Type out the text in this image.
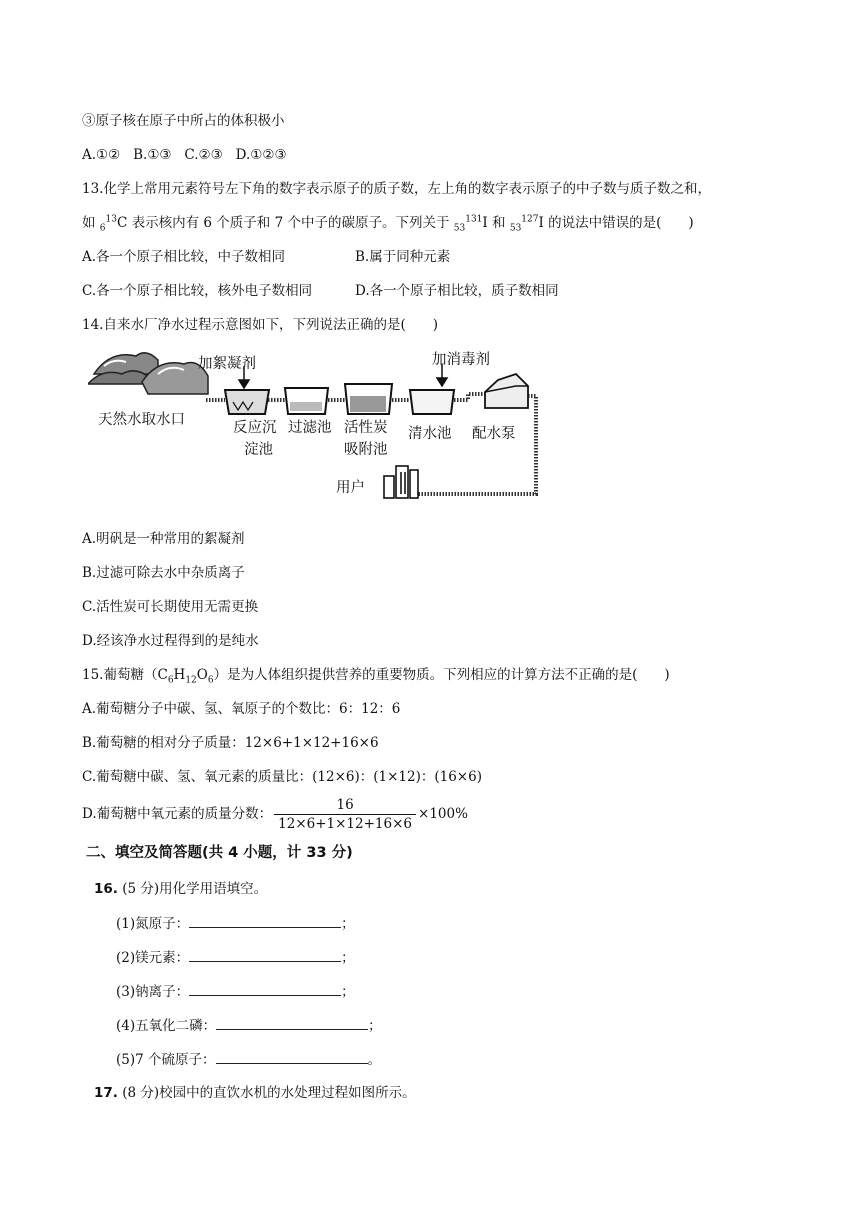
③原子核在原子中所占的体积极小
A.①②   B.①③   C.②③   D.①②③
13.化学上常用元素符号左下角的数字表示原子的质子数，左上角的数字表示原子的中子数与质子数之和，
如 $_6^{13}$C 表示核内有 6 个质子和 7 个中子的碳原子。下列关于 $_{53}^{131}$I 和 $_{53}^{127}$I 的说法中错误的是(　　)
A.各一个原子相比较，中子数相同	B.属于同种元素
C.各一个原子相比较，核外电子数相同	D.各一个原子相比较，质子数相同
14.自来水厂净水过程示意图如下，下列说法正确的是(　　)
加絮凝剂	加消毒剂
天然水取水口	反应沉
淀池
过滤池 活性炭
吸附池
清水池 配水泵
用户
A.明矾是一种常用的絮凝剂
B.过滤可除去水中杂质离子
C.活性炭可长期使用无需更换
D.经该净水过程得到的是纯水
15.葡萄糖$(C_6H_{12}O_6)$是为人体组织提供营养的重要物质。下列相应的计算方法不正确的是(　　)
A.葡萄糖分子中碳、氢、氧原子的个数比：6：12：6
B.葡萄糖的相对分子质量：12×6+1×12+16×6
C.葡萄糖中碳、氢、氧元素的质量比：(12×6)：(1×12)：(16×6)
D.葡萄糖中氧元素的质量分数： $\frac{16}{12\times 6+1\times 12+16\times 6} \times 100\%$
二、填空及简答题(共 4 小题，计 33 分)
16. (5 分)用化学用语填空。
(1)氮原子：	；
(2)镁元素：	；
(3)钠离子：	；
(4)五氧化二磷：	；
(5)7 个硫原子：	。
17. (8 分)校园中的直饮水机的水处理过程如图所示。
